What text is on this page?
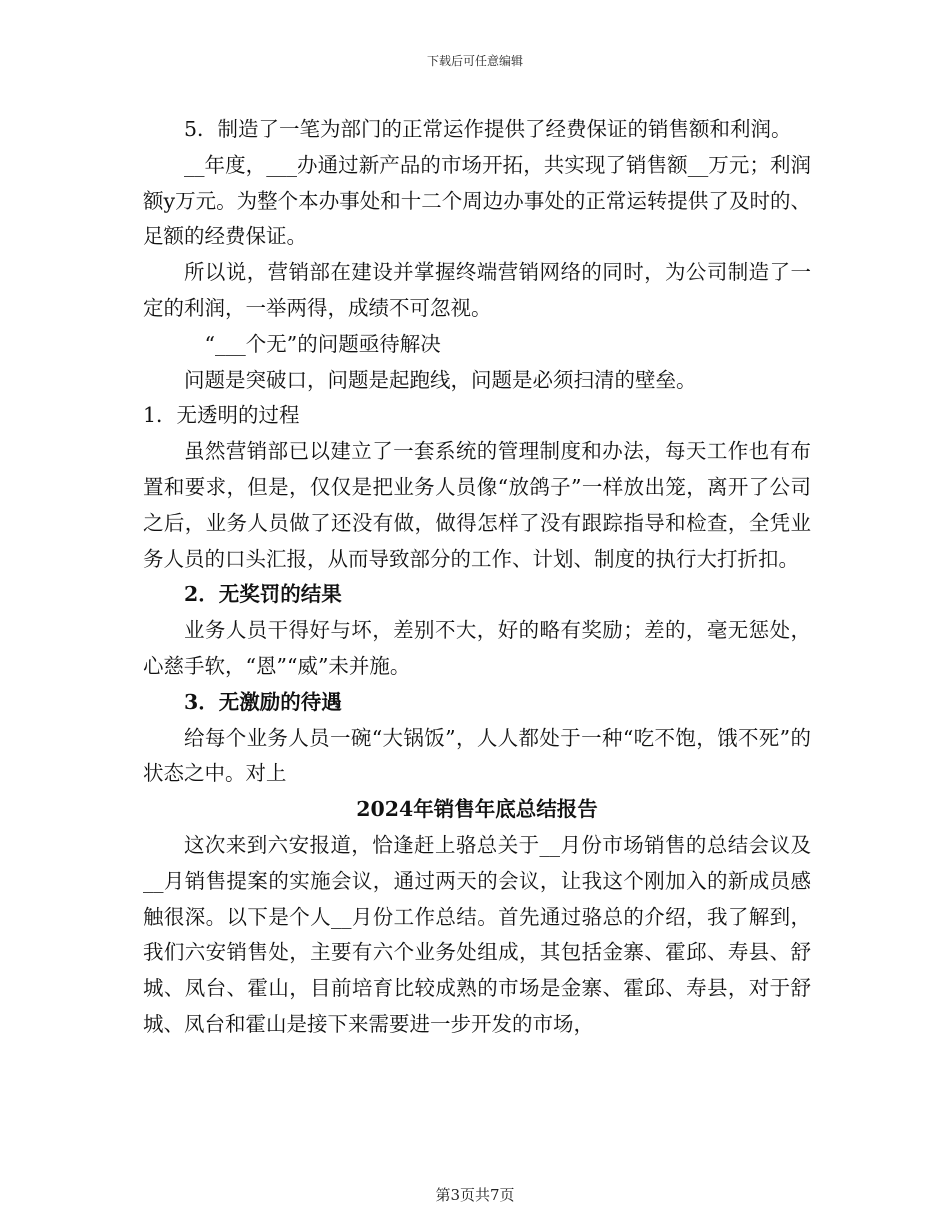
下载后可任意编辑

5．制造了一笔为部门的正常运作提供了经费保证的销售额和利润。

__年度，___办通过新产品的市场开拓，共实现了销售额__万元；利润额y万元。为整个本办事处和十二个周边办事处的正常运转提供了及时的、足额的经费保证。

所以说，营销部在建设并掌握终端营销网络的同时，为公司制造了一定的利润，一举两得，成绩不可忽视。

“___个无”的问题亟待解决

问题是突破口，问题是起跑线，问题是必须扫清的壁垒。

1．无透明的过程

虽然营销部已以建立了一套系统的管理制度和办法，每天工作也有布置和要求，但是，仅仅是把业务人员像“放鸽子”一样放出笼，离开了公司之后，业务人员做了还没有做，做得怎样了没有跟踪指导和检查，全凭业务人员的口头汇报，从而导致部分的工作、计划、制度的执行大打折扣。

2．无奖罚的结果

业务人员干得好与坏，差别不大，好的略有奖励；差的，毫无惩处，心慈手软，“恩”“威”未并施。

3．无激励的待遇

给每个业务人员一碗“大锅饭”，人人都处于一种“吃不饱，饿不死”的状态之中。对上

2024年销售年底总结报告

这次来到六安报道，恰逢赶上骆总关于__月份市场销售的总结会议及__月销售提案的实施会议，通过两天的会议，让我这个刚加入的新成员感触很深。以下是个人__月份工作总结。首先通过骆总的介绍，我了解到，我们六安销售处，主要有六个业务处组成，其包括金寨、霍邱、寿县、舒城、凤台、霍山，目前培育比较成熟的市场是金寨、霍邱、寿县，对于舒城、凤台和霍山是接下来需要进一步开发的市场，

第3页共7页
